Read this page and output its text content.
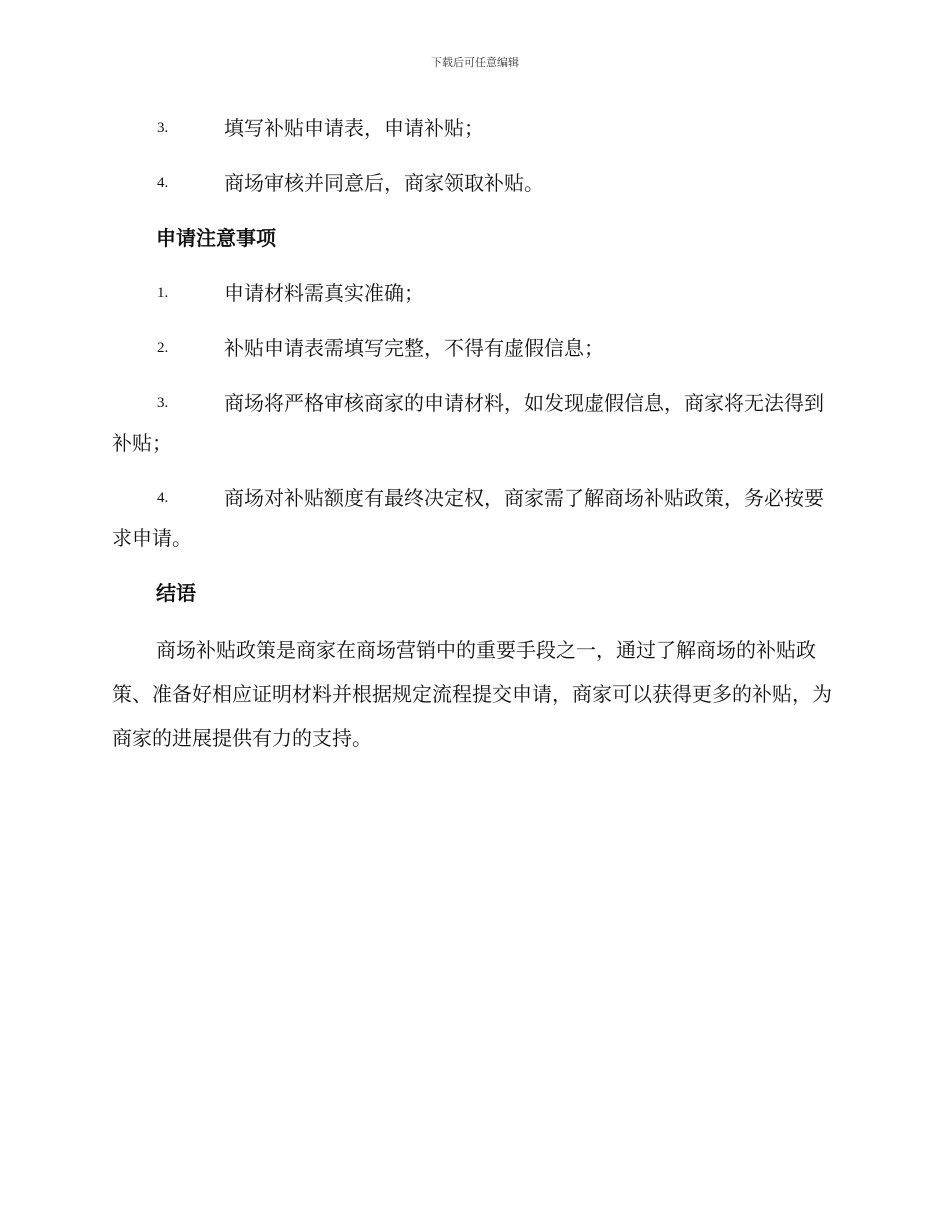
下载后可任意编辑
3.	填写补贴申请表，申请补贴；
4.	商场审核并同意后，商家领取补贴。
申请注意事项
1.	申请材料需真实准确；
2.	补贴申请表需填写完整，不得有虚假信息；
3.	商场将严格审核商家的申请材料，如发现虚假信息，商家将无法得到补贴；
4.	商场对补贴额度有最终决定权，商家需了解商场补贴政策，务必按要求申请。
结语
商场补贴政策是商家在商场营销中的重要手段之一，通过了解商场的补贴政策、准备好相应证明材料并根据规定流程提交申请，商家可以获得更多的补贴，为商家的进展提供有力的支持。
